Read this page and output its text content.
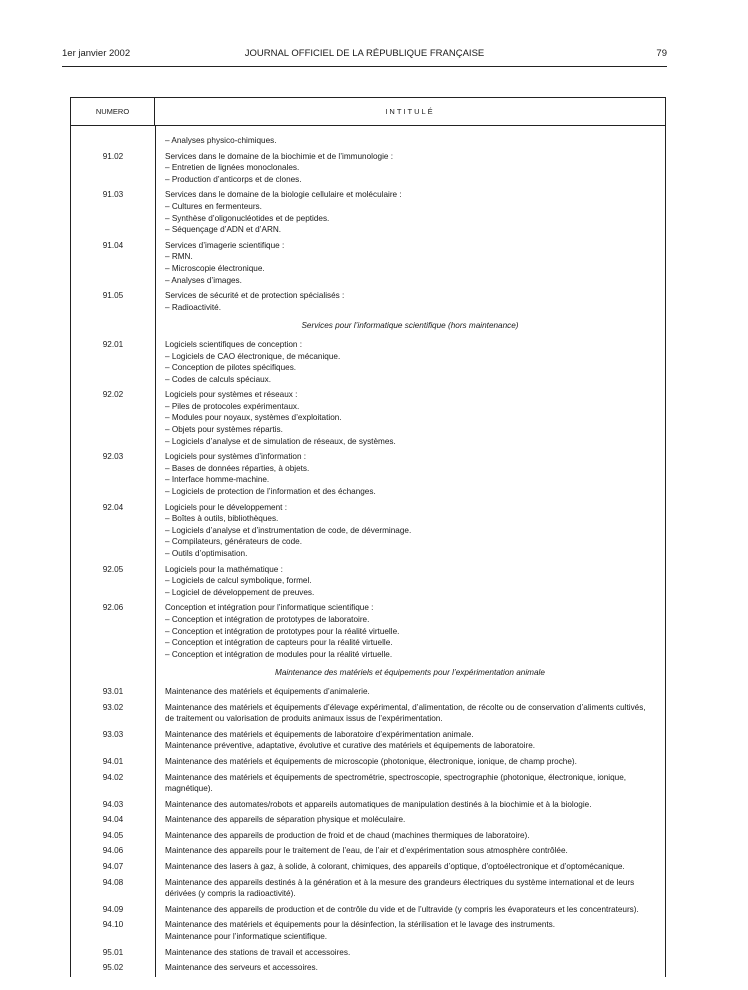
1er janvier 2002	JOURNAL OFFICIEL DE LA RÉPUBLIQUE FRANÇAISE	79
NUMERO	INTITULÉ
– Analyses physico-chimiques.
91.02	Services dans le domaine de la biochimie et de l’immunologie :
– Entretien de lignées monoclonales.
– Production d’anticorps et de clones.
91.03	Services dans le domaine de la biologie cellulaire et moléculaire :
– Cultures en fermenteurs.
– Synthèse d’oligonucléotides et de peptides.
– Séquençage d’ADN et d’ARN.
91.04	Services d’imagerie scientifique :
– RMN.
– Microscopie électronique.
– Analyses d’images.
91.05	Services de sécurité et de protection spécialisés :
– Radioactivité.
Services pour l’informatique scientifique (hors maintenance)
92.01	Logiciels scientifiques de conception :
– Logiciels de CAO électronique, de mécanique.
– Conception de pilotes spécifiques.
– Codes de calculs spéciaux.
92.02	Logiciels pour systèmes et réseaux :
– Piles de protocoles expérimentaux.
– Modules pour noyaux, systèmes d’exploitation.
– Objets pour systèmes répartis.
– Logiciels d’analyse et de simulation de réseaux, de systèmes.
92.03	Logiciels pour systèmes d’information :
– Bases de données réparties, à objets.
– Interface homme-machine.
– Logiciels de protection de l’information et des échanges.
92.04	Logiciels pour le développement :
– Boîtes à outils, bibliothèques.
– Logiciels d’analyse et d’instrumentation de code, de déverminage.
– Compilateurs, générateurs de code.
– Outils d’optimisation.
92.05	Logiciels pour la mathématique :
– Logiciels de calcul symbolique, formel.
– Logiciel de développement de preuves.
92.06	Conception et intégration pour l’informatique scientifique :
– Conception et intégration de prototypes de laboratoire.
– Conception et intégration de prototypes pour la réalité virtuelle.
– Conception et intégration de capteurs pour la réalité virtuelle.
– Conception et intégration de modules pour la réalité virtuelle.
Maintenance des matériels et équipements pour l’expérimentation animale
93.01	Maintenance des matériels et équipements d’animalerie.
93.02	Maintenance des matériels et équipements d’élevage expérimental, d’alimentation, de récolte ou de conservation d’aliments cultivés, de traitement ou valorisation de produits animaux issus de l’expérimentation.
93.03	Maintenance des matériels et équipements de laboratoire d’expérimentation animale.
Maintenance préventive, adaptative, évolutive et curative des matériels et équipements de laboratoire.
94.01	Maintenance des matériels et équipements de microscopie (photonique, électronique, ionique, de champ proche).
94.02	Maintenance des matériels et équipements de spectrométrie, spectroscopie, spectrographie (photonique, électronique, ionique, magnétique).
94.03	Maintenance des automates/robots et appareils automatiques de manipulation destinés à la biochimie et à la biologie.
94.04	Maintenance des appareils de séparation physique et moléculaire.
94.05	Maintenance des appareils de production de froid et de chaud (machines thermiques de laboratoire).
94.06	Maintenance des appareils pour le traitement de l’eau, de l’air et d’expérimentation sous atmosphère contrôlée.
94.07	Maintenance des lasers à gaz, à solide, à colorant, chimiques, des appareils d’optique, d’optoélectronique et d’optomécanique.
94.08	Maintenance des appareils destinés à la génération et à la mesure des grandeurs électriques du système international et de leurs dérivées (y compris la radioactivité).
94.09	Maintenance des appareils de production et de contrôle du vide et de l’ultravide (y compris les évaporateurs et les concentrateurs).
94.10	Maintenance des matériels et équipements pour la désinfection, la stérilisation et le lavage des instruments.
Maintenance pour l’informatique scientifique.
95.01	Maintenance des stations de travail et accessoires.
95.02	Maintenance des serveurs et accessoires.
